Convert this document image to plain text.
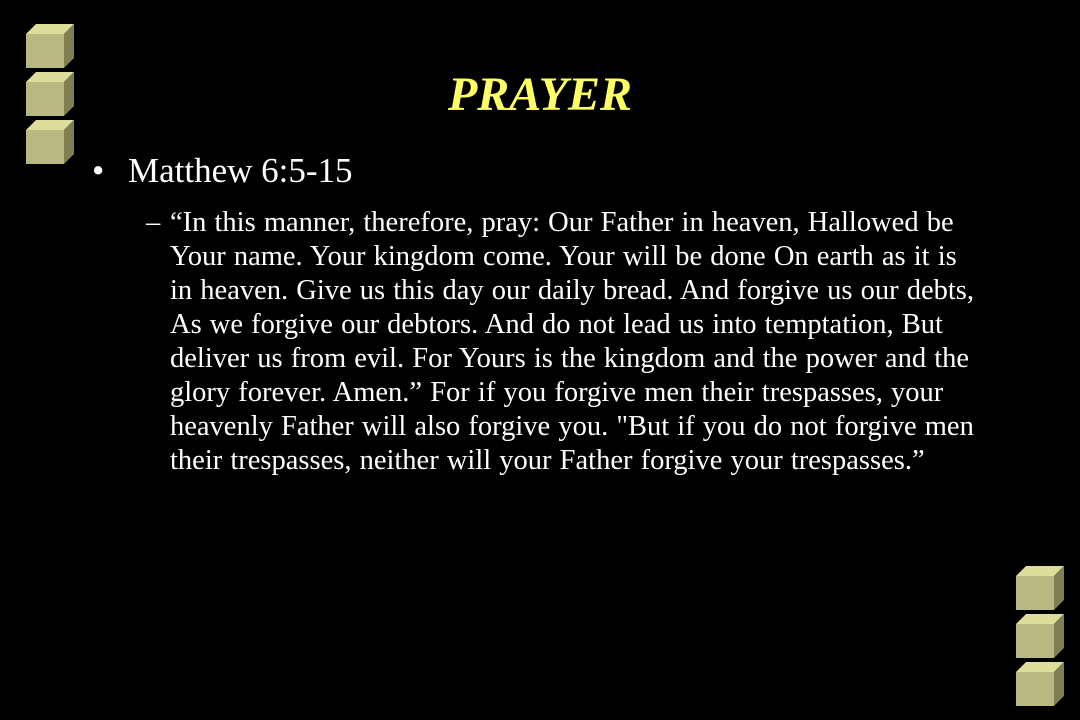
PRAYER
• Matthew 6:5-15
– “In this manner, therefore, pray: Our Father in heaven, Hallowed be Your name. Your kingdom come. Your will be done On earth as it is in heaven. Give us this day our daily bread. And forgive us our debts, As we forgive our debtors. And do not lead us into temptation, But deliver us from evil. For Yours is the kingdom and the power and the glory forever. Amen.” For if you forgive men their trespasses, your heavenly Father will also forgive you. "But if you do not forgive men their trespasses, neither will your Father forgive your trespasses.”
